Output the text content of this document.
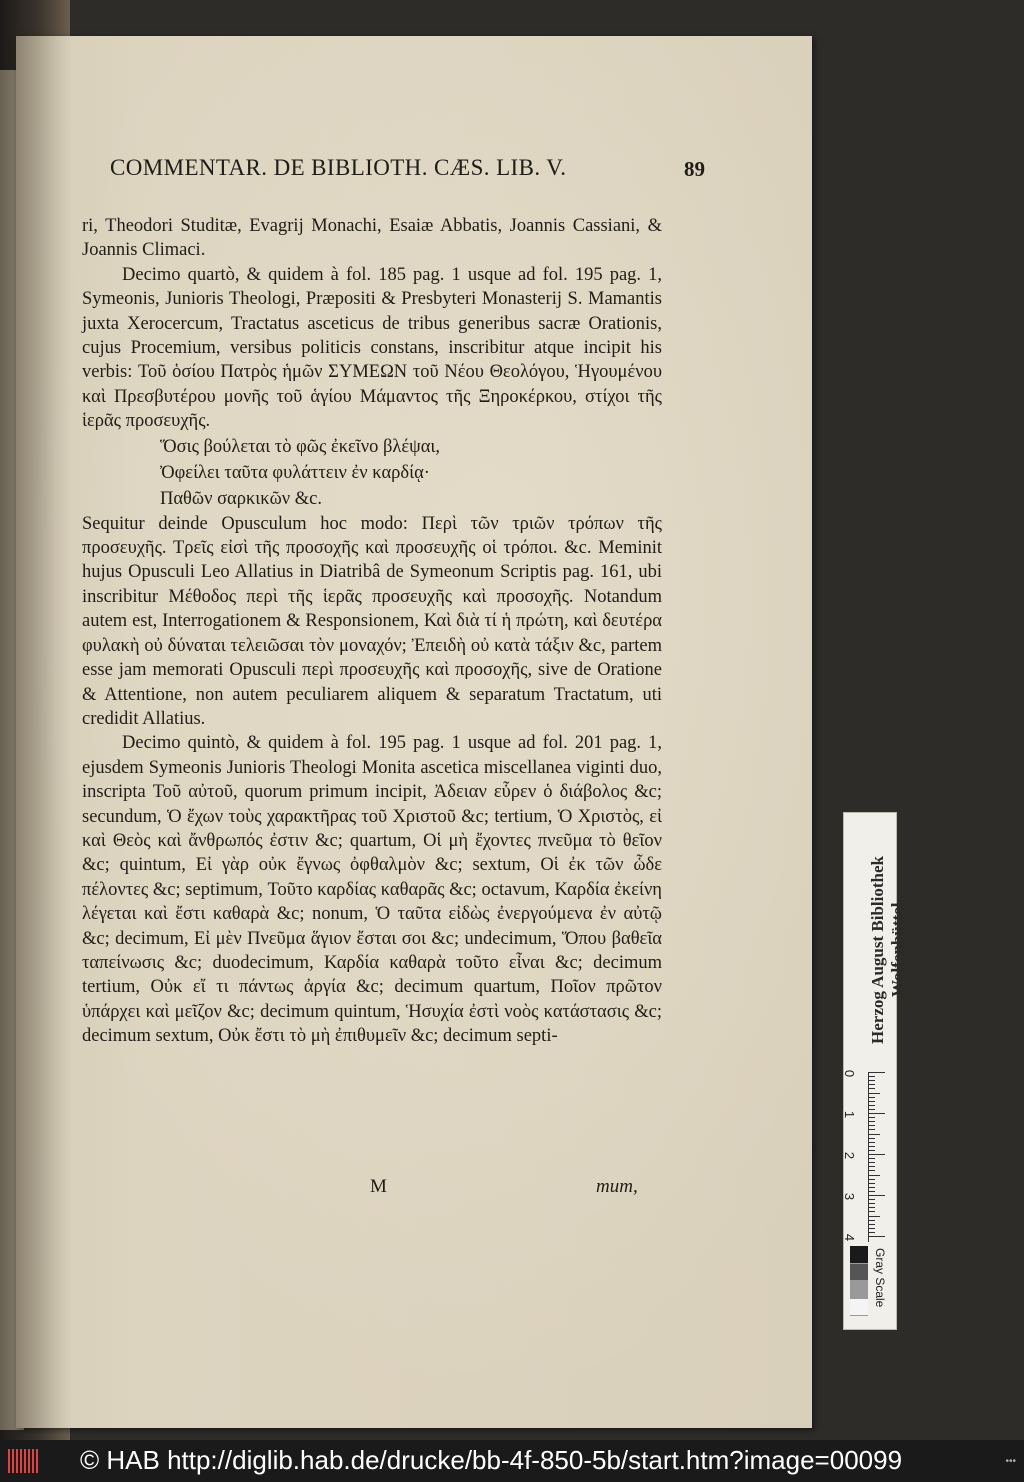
COMMENTAR. DE BIBLIOTH. CÆS. LIB. V.	89

ri, Theodori Studitæ, Evagrij Monachi, Esaiæ Abbatis, Joannis Cassiani, & Joannis Climaci.

Decimo quartò, & quidem à fol. 185 pag. 1 usque ad fol. 195 pag. 1, Symeonis, Junioris Theologi, Præpositi & Presbyteri Monasterij S. Mamantis juxta Xerocercum, Tractatus asceticus de tribus generibus sacræ Orationis, cujus Procemium, versibus politicis constans, inscribitur atque incipit his verbis: Τοῦ ὁσίου Πατρὸς ἡμῶν ΣΥΜΕΩΝ τοῦ Νέου Θεολόγου, Ἡγουμένου καὶ Πρεσβυτέρου μονῆς τοῦ ἁγίου Μάμαντος τῆς Ξηροκέρκου, στίχοι τῆς ἱερᾶς προσευχῆς.

Ὅσις βούλεται τὸ φῶς ἐκεῖνο βλέψαι,

Ὀφείλει ταῦτα φυλάττειν ἐν καρδίᾳ·

Παθῶν σαρκικῶν &c.

Sequitur deinde Opusculum hoc modo: Περὶ τῶν τριῶν τρόπων τῆς προσευχῆς. Τρεῖς εἰσὶ τῆς προσοχῆς καὶ προσευχῆς οἱ τρόποι. &c. Meminit hujus Opusculi Leo Allatius in Diatribâ de Symeonum Scriptis pag. 161, ubi inscribitur Μέθοδος περὶ τῆς ἱερᾶς προσευχῆς καὶ προσοχῆς. Notandum autem est, Interrogationem & Responsionem, Καὶ διὰ τί ἡ πρώτη, καὶ δευτέρα φυλακὴ οὐ δύναται τελειῶσαι τὸν μοναχόν; Ἐπειδὴ οὐ κατὰ τάξιν &c, partem esse jam memorati Opusculi περὶ προσευχῆς καὶ προσοχῆς, sive de Oratione & Attentione, non autem peculiarem aliquem & separatum Tractatum, uti credidit Allatius.

Decimo quintò, & quidem à fol. 195 pag. 1 usque ad fol. 201 pag. 1, ejusdem Symeonis Junioris Theologi Monita ascetica miscellanea viginti duo, inscripta Τοῦ αὐτοῦ, quorum primum incipit, Ἀδειαν εὗρεν ὁ διάβολος &c; secundum, Ὁ ἔχων τοὺς χαρακτῆρας τοῦ Χριστοῦ &c; tertium, Ὁ Χριστὸς, εἰ καὶ Θεὸς καὶ ἄνθρωπός ἐστιν &c; quartum, Οἱ μὴ ἔχοντες πνεῦμα τὸ θεῖον &c; quintum, Εἰ γὰρ οὐκ ἔγνως ὀφθαλμὸν &c; sextum, Οἱ ἐκ τῶν ὧδε πέλοντες &c; septimum, Τοῦτο καρδίας καθαρᾶς &c; octavum, Καρδία ἐκείνη λέγεται καὶ ἔστι καθαρὰ &c; nonum, Ὁ ταῦτα εἰδὼς ἐνεργούμενα ἐν αὐτῷ &c; decimum, Εἰ μὲν Πνεῦμα ἅγιον ἔσται σοι &c; undecimum, Ὅπου βαθεῖα ταπείνωσις &c; duodecimum, Καρδία καθαρὰ τοῦτο εἶναι &c; decimum tertium, Οὐκ εἴ τι πάντως ἀργία &c; decimum quartum, Ποῖον πρῶτον ὑπάρχει καὶ μεῖζον &c; decimum quintum, Ἡσυχία ἐστὶ νοὸς κατάστασις &c; decimum sextum, Οὐκ ἔστι τὸ μὴ ἐπιθυμεῖν &c; decimum septi-

M	mum,
Herzog August Bibliothek Wolfenbüttel
0
1
2
3
4
Gray Scale
© HAB http://diglib.hab.de/drucke/bb-4f-850-5b/start.htm?image=00099	•••
